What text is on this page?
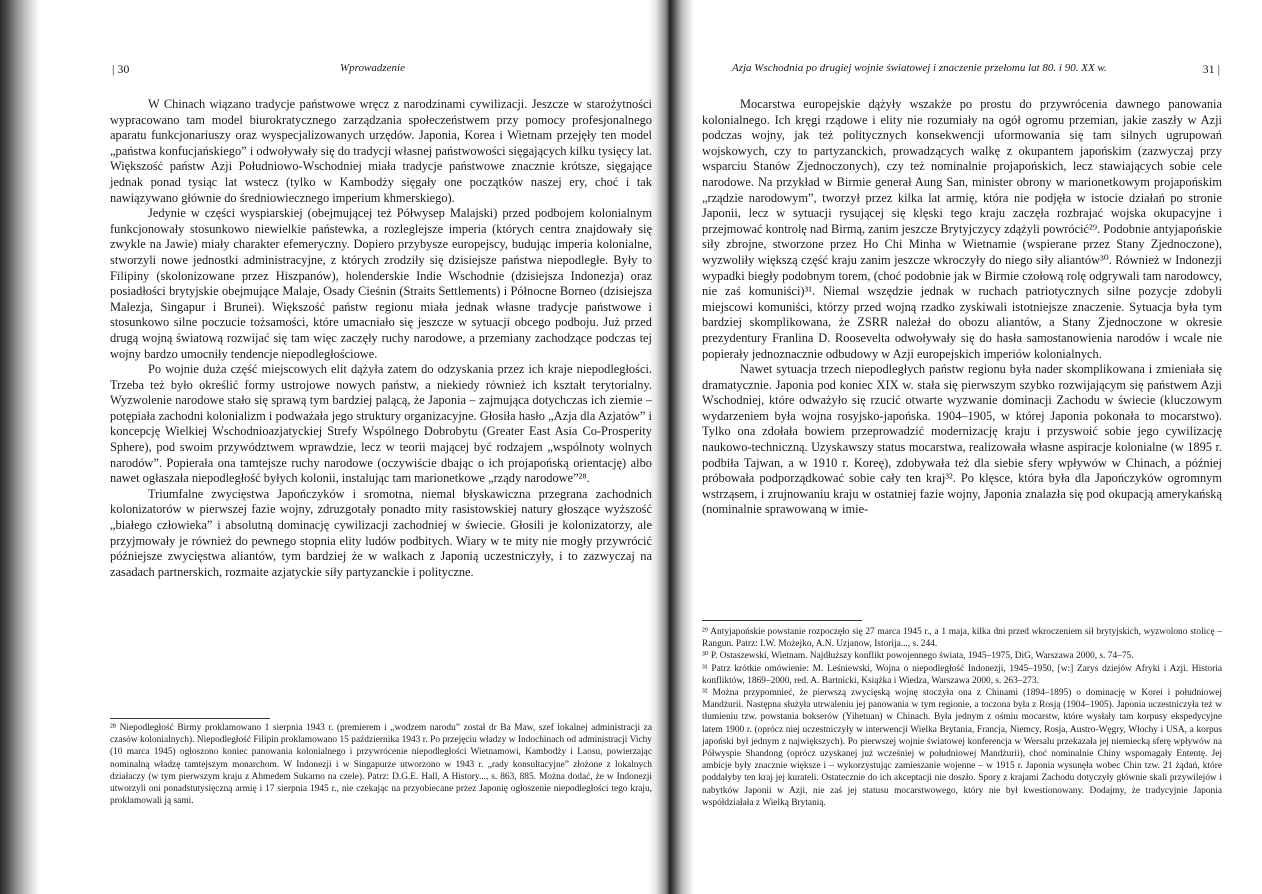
| 30	Wprowadzenie

W Chinach wiązano tradycje państwowe wręcz z narodzinami cywilizacji. Jeszcze w starożytności wypracowano tam model biurokratycznego zarządzania społeczeństwem przy pomocy profesjonalnego aparatu funkcjonariuszy oraz wyspecjalizowanych urzędów. Japonia, Korea i Wietnam przejęły ten model „państwa konfucjańskiego” i odwoływały się do tradycji własnej państwowości sięgających kilku tysięcy lat. Większość państw Azji Południowo-Wschodniej miała tradycje państwowe znacznie krótsze, sięgające jednak ponad tysiąc lat wstecz (tylko w Kambodży sięgały one początków naszej ery, choć i tak nawiązywano głównie do średniowiecznego imperium khmerskiego).

Jedynie w części wyspiarskiej (obejmującej też Półwysep Malajski) przed podbojem kolonialnym funkcjonowały stosunkowo niewielkie państewka, a rozleglejsze imperia (których centra znajdowały się zwykle na Jawie) miały charakter efemeryczny. Dopiero przybysze europejscy, budując imperia kolonialne, stworzyli nowe jednostki administracyjne, z których zrodziły się dzisiejsze państwa niepodległe. Były to Filipiny (skolonizowane przez Hiszpanów), holenderskie Indie Wschodnie (dzisiejsza Indonezja) oraz posiadłości brytyjskie obejmujące Malaje, Osady Cieśnin (Straits Settlements) i Północne Borneo (dzisiejsza Malezja, Singapur i Brunei). Większość państw regionu miała jednak własne tradycje państwowe i stosunkowo silne poczucie tożsamości, które umacniało się jeszcze w sytuacji obcego podboju. Już przed drugą wojną światową rozwijać się tam więc zaczęły ruchy narodowe, a przemiany zachodzące podczas tej wojny bardzo umocniły tendencje niepodległościowe.

Po wojnie duża część miejscowych elit dążyła zatem do odzyskania przez ich kraje niepodległości. Trzeba też było określić formy ustrojowe nowych państw, a niekiedy również ich kształt terytorialny. Wyzwolenie narodowe stało się sprawą tym bardziej palącą, że Japonia – zajmująca dotychczas ich ziemie – potępiała zachodni kolonializm i podważała jego struktury organizacyjne. Głosiła hasło „Azja dla Azjatów” i koncepcję Wielkiej Wschodnioazjatyckiej Strefy Wspólnego Dobrobytu (Greater East Asia Co-Prosperity Sphere), pod swoim przywództwem wprawdzie, lecz w teorii mającej być rodzajem „wspólnoty wolnych narodów”. Popierała ona tamtejsze ruchy narodowe (oczywiście dbając o ich projapońską orientację) albo nawet ogłaszała niepodległość byłych kolonii, instalując tam marionetkowe „rządy narodowe”²⁸.

Triumfalne zwycięstwa Japończyków i sromotna, niemal błyskawiczna przegrana zachodnich kolonizatorów w pierwszej fazie wojny, zdruzgotały ponadto mity rasistowskiej natury głoszące wyższość „białego człowieka” i absolutną dominację cywilizacji zachodniej w świecie. Głosili je kolonizatorzy, ale przyjmowały je również do pewnego stopnia elity ludów podbitych. Wiary w te mity nie mogły przywrócić późniejsze zwycięstwa aliantów, tym bardziej że w walkach z Japonią uczestniczyły, i to zazwyczaj na zasadach partnerskich, rozmaite azjatyckie siły partyzanckie i polityczne.

²⁸ Niepodległość Birmy proklamowano 1 sierpnia 1943 r. (premierem i „wodzem narodu” został dr Ba Maw, szef lokalnej administracji za czasów kolonialnych). Niepodległość Filipin proklamowano 15 października 1943 r. Po przejęciu władzy w Indochinach od administracji Vichy (10 marca 1945) ogłoszono koniec panowania kolonialnego i przywrócenie niepodległości Wietnamowi, Kambodży i Laosu, powierzając nominalną władzę tamtejszym monarchom. W Indonezji i w Singapurze utworzono w 1943 r. „rady konsultacyjne” złożone z lokalnych działaczy (w tym pierwszym kraju z Ahmedem Sukarno na czele). Patrz: D.G.E. Hall, A History..., s. 863, 885. Można dodać, że w Indonezji utworzyli oni ponadstutysięczną armię i 17 sierpnia 1945 r., nie czekając na przyobiecane przez Japonię ogłoszenie niepodległości tego kraju, proklamowali ją sami.

Azja Wschodnia po drugiej wojnie światowej i znaczenie przełomu lat 80. i 90. XX w.	31 |

Mocarstwa europejskie dążyły wszakże po prostu do przywrócenia dawnego panowania kolonialnego. Ich kręgi rządowe i elity nie rozumiały na ogół ogromu przemian, jakie zaszły w Azji podczas wojny, jak też politycznych konsekwencji uformowania się tam silnych ugrupowań wojskowych, czy to partyzanckich, prowadzących walkę z okupantem japońskim (zazwyczaj przy wsparciu Stanów Zjednoczonych), czy też nominalnie projapońskich, lecz stawiających sobie cele narodowe. Na przykład w Birmie generał Aung San, minister obrony w marionetkowym projapońskim „rządzie narodowym”, tworzył przez kilka lat armię, która nie podjęła w istocie działań po stronie Japonii, lecz w sytuacji rysującej się klęski tego kraju zaczęła rozbrajać wojska okupacyjne i przejmować kontrolę nad Birmą, zanim jeszcze Brytyjczycy zdążyli powrócić²⁹. Podobnie antyjapońskie siły zbrojne, stworzone przez Ho Chi Minha w Wietnamie (wspierane przez Stany Zjednoczone), wyzwoliły większą część kraju zanim jeszcze wkroczyły do niego siły aliantów³⁰. Również w Indonezji wypadki biegły podobnym torem, (choć podobnie jak w Birmie czołową rolę odgrywali tam narodowcy, nie zaś komuniści)³¹. Niemal wszędzie jednak w ruchach patriotycznych silne pozycje zdobyli miejscowi komuniści, którzy przed wojną rzadko zyskiwali istotniejsze znaczenie. Sytuacja była tym bardziej skomplikowana, że ZSRR należał do obozu aliantów, a Stany Zjednoczone w okresie prezydentury Franlina D. Roosevelta odwoływały się do hasła samostanowienia narodów i wcale nie popierały jednoznacznie odbudowy w Azji europejskich imperiów kolonialnych.

Nawet sytuacja trzech niepodległych państw regionu była nader skomplikowana i zmieniała się dramatycznie. Japonia pod koniec XIX w. stała się pierwszym szybko rozwijającym się państwem Azji Wschodniej, które odważyło się rzucić otwarte wyzwanie dominacji Zachodu w świecie (kluczowym wydarzeniem była wojna rosyjsko-japońska. 1904–1905, w której Japonia pokonała to mocarstwo). Tylko ona zdołała bowiem przeprowadzić modernizację kraju i przyswoić sobie jego cywilizację naukowo-techniczną. Uzyskawszy status mocarstwa, realizowała własne aspiracje kolonialne (w 1895 r. podbiła Tajwan, a w 1910 r. Koreę), zdobywała też dla siebie sfery wpływów w Chinach, a później próbowała podporządkować sobie cały ten kraj³². Po klęsce, która była dla Japończyków ogromnym wstrząsem, i zrujnowaniu kraju w ostatniej fazie wojny, Japonia znalazła się pod okupacją amerykańską (nominalnie sprawowaną w imie-

²⁹ Antyjapońskie powstanie rozpoczęło się 27 marca 1945 r., a 1 maja, kilka dni przed wkroczeniem sił brytyjskich, wyzwolono stolicę – Rangun. Patrz: I.W. Możejko, A.N. Uzjanow, Istorija..., s. 244.

³⁰ P. Ostaszewski, Wietnam. Najdłuższy konflikt powojennego świata, 1945–1975, DiG, Warszawa 2000, s. 74–75.

³¹ Patrz krótkie omówienie: M. Leśniewski, Wojna o niepodległość Indonezji, 1945–1950, [w:] Zarys dziejów Afryki i Azji. Historia konfliktów, 1869–2000, red. A. Bartnicki, Książka i Wiedza, Warszawa 2000, s. 263–273.

³² Można przypomnieć, że pierwszą zwycięską wojnę stoczyła ona z Chinami (1894–1895) o dominację w Korei i południowej Mandżurii. Następna służyła utrwaleniu jej panowania w tym regionie, a toczona była z Rosją (1904–1905). Japonia uczestniczyła też w tłumieniu tzw. powstania bokserów (Yihetuan) w Chinach. Była jednym z ośmiu mocarstw, które wysłały tam korpusy ekspedycyjne latem 1900 r. (oprócz niej uczestniczyły w interwencji Wielka Brytania, Francja, Niemcy, Rosja, Austro-Węgry, Włochy i USA, a korpus japoński był jednym z największych). Po pierwszej wojnie światowej konferencja w Wersalu przekazała jej niemiecką sferę wpływów na Półwyspie Shandong (oprócz uzyskanej już wcześniej w południowej Mandżurii), choć nominalnie Chiny wspomagały Ententę. Jej ambicje były znacznie większe i – wykorzystując zamieszanie wojenne – w 1915 r. Japonia wysunęła wobec Chin tzw. 21 żądań, które poddałyby ten kraj jej kurateli. Ostatecznie do ich akceptacji nie doszło. Spory z krajami Zachodu dotyczyły głównie skali przywilejów i nabytków Japonii w Azji, nie zaś jej statusu mocarstwowego, który nie był kwestionowany. Dodajmy, że tradycyjnie Japonia współdziałała z Wielką Brytanią.
